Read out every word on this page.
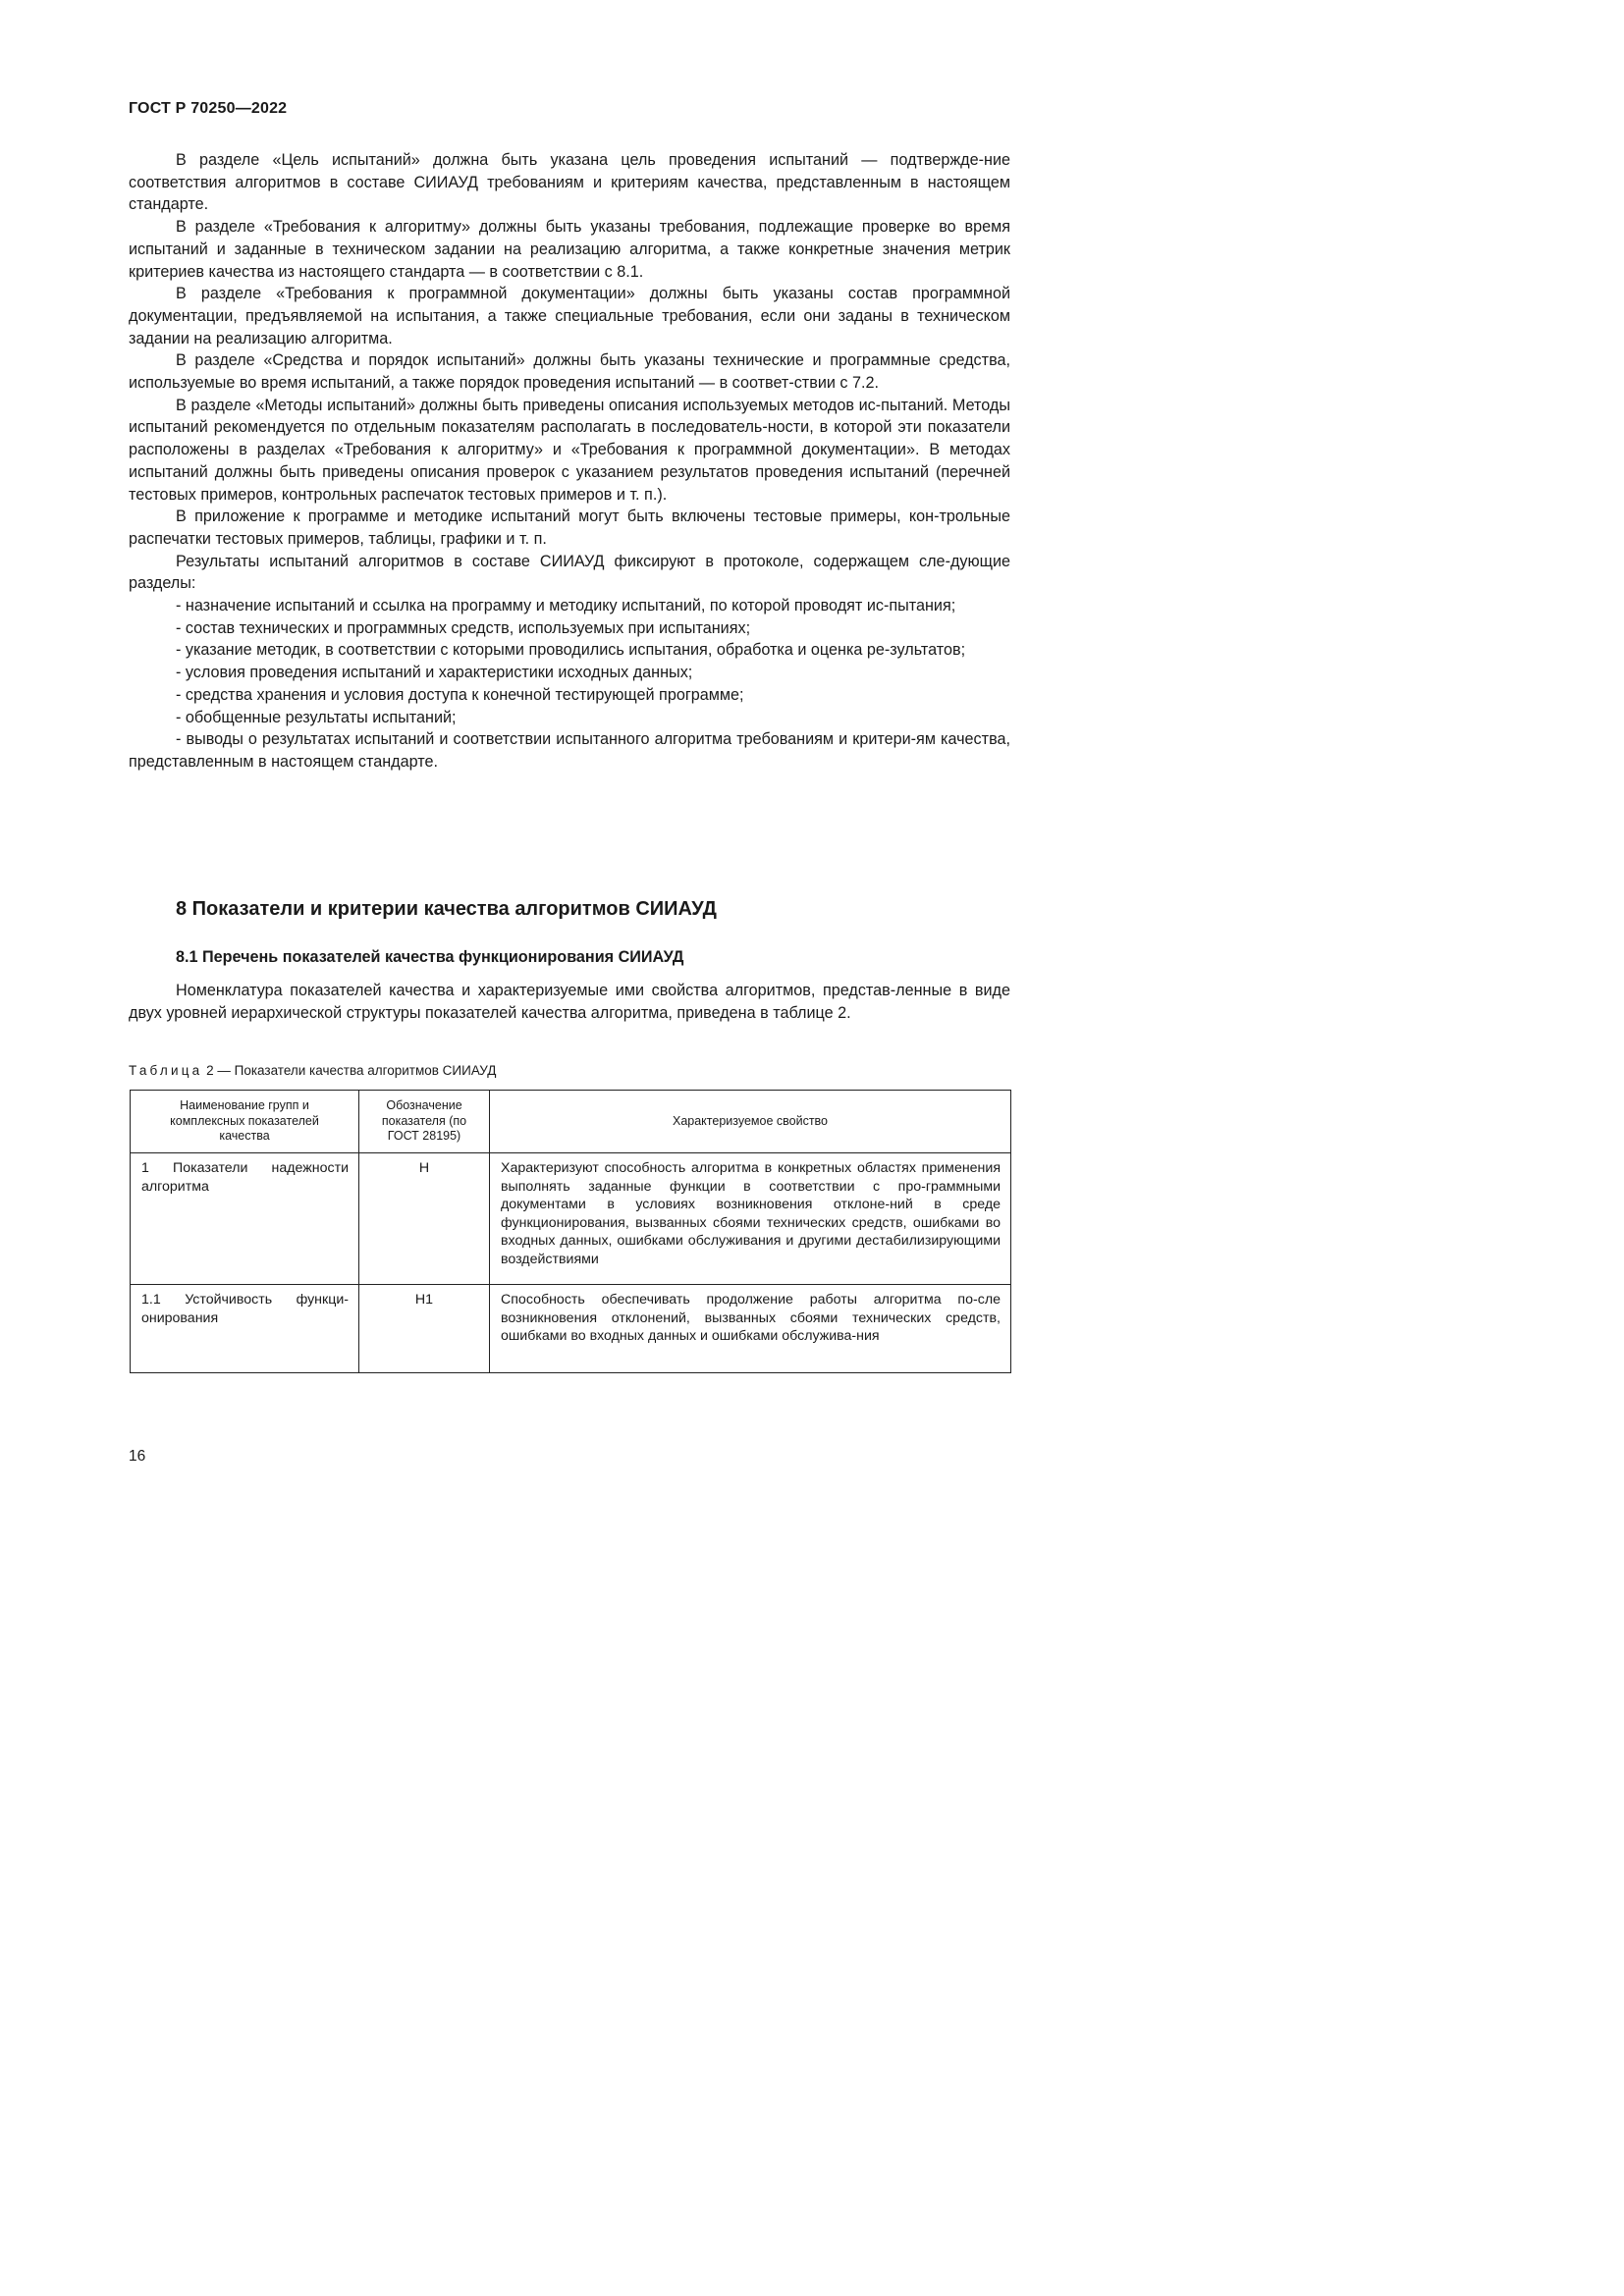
ГОСТ Р 70250—2022

В разделе «Цель испытаний» должна быть указана цель проведения испытаний — подтвержде-ние соответствия алгоритмов в составе СИИАУД требованиям и критериям качества, представленным в настоящем стандарте.

В разделе «Требования к алгоритму» должны быть указаны требования, подлежащие проверке во время испытаний и заданные в техническом задании на реализацию алгоритма, а также конкретные значения метрик критериев качества из настоящего стандарта — в соответствии с 8.1.

В разделе «Требования к программной документации» должны быть указаны состав программной документации, предъявляемой на испытания, а также специальные требования, если они заданы в техническом задании на реализацию алгоритма.

В разделе «Средства и порядок испытаний» должны быть указаны технические и программные средства, используемые во время испытаний, а также порядок проведения испытаний — в соответ-ствии с 7.2.

В разделе «Методы испытаний» должны быть приведены описания используемых методов ис-пытаний. Методы испытаний рекомендуется по отдельным показателям располагать в последователь-ности, в которой эти показатели расположены в разделах «Требования к алгоритму» и «Требования к программной документации». В методах испытаний должны быть приведены описания проверок с указанием результатов проведения испытаний (перечней тестовых примеров, контрольных распечаток тестовых примеров и т. п.).

В приложение к программе и методике испытаний могут быть включены тестовые примеры, кон-трольные распечатки тестовых примеров, таблицы, графики и т. п.

Результаты испытаний алгоритмов в составе СИИАУД фиксируют в протоколе, содержащем сле-дующие разделы:

- назначение испытаний и ссылка на программу и методику испытаний, по которой проводят ис-пытания;

- состав технических и программных средств, используемых при испытаниях;

- указание методик, в соответствии с которыми проводились испытания, обработка и оценка ре-зультатов;

- условия проведения испытаний и характеристики исходных данных;

- средства хранения и условия доступа к конечной тестирующей программе;

- обобщенные результаты испытаний;

- выводы о результатах испытаний и соответствии испытанного алгоритма требованиям и критери-ям качества, представленным в настоящем стандарте.

8 Показатели и критерии качества алгоритмов СИИАУД
8.1 Перечень показателей качества функционирования СИИАУД

Номенклатура показателей качества и характеризуемые ими свойства алгоритмов, представ-ленные в виде двух уровней иерархической структуры показателей качества алгоритма, приведена в таблице 2.

Таблица 2 — Показатели качества алгоритмов СИИАУД
Наименование групп и комплексных показателей качества	Обозначение показателя (по ГОСТ 28195)	Характеризуемое свойство

1 Показатели надежности алгоритма	Н	Характеризуют способность алгоритма в конкретных областях применения выполнять заданные функции в соответствии с про-граммными документами в условиях возникновения отклоне-ний в среде функционирования, вызванных сбоями технических средств, ошибками во входных данных, ошибками обслуживания и другими дестабилизирующими воздействиями

1.1 Устойчивость функци-онирования	Н1	Способность обеспечивать продолжение работы алгоритма по-сле возникновения отклонений, вызванных сбоями технических средств, ошибками во входных данных и ошибками обслужива-ния
16
